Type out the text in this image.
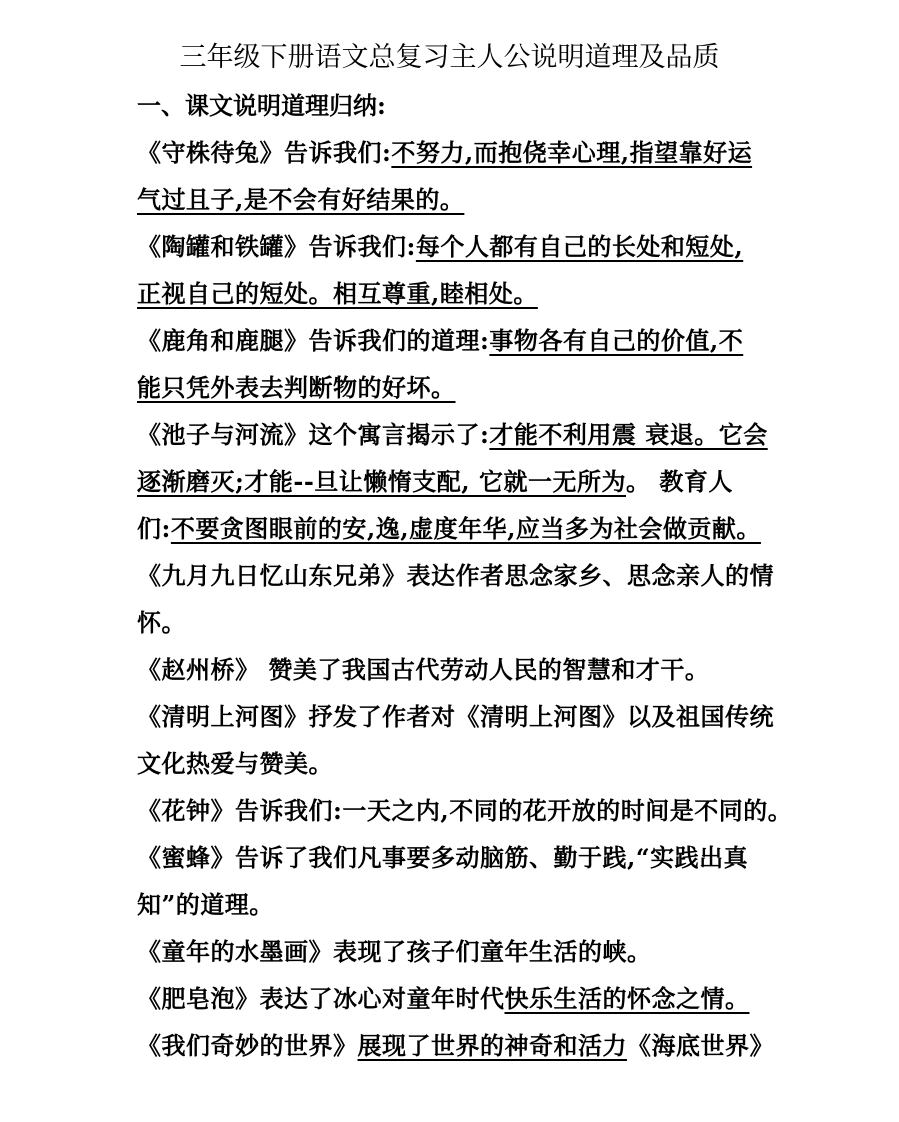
三年级下册语文总复习主人公说明道理及品质
一、课文说明道理归纳:
《守株待兔》告诉我们:不努力,而抱侥幸心理,指望靠好运
气过且子,是不会有好结果的。
《陶罐和铁罐》告诉我们:每个人都有自己的长处和短处,
正视自己的短处。相互尊重,睦相处。
《鹿角和鹿腿》告诉我们的道理:事物各有自己的价值,不
能只凭外表去判断物的好坏。
《池子与河流》这个寓言揭示了:才能不利用震 衰退。它会
逐渐磨灭;才能--旦让懒惰支配, 它就一无所为。 教育人
们:不要贪图眼前的安,逸,虚度年华,应当多为社会做贡献。
《九月九日忆山东兄弟》表达作者思念家乡、思念亲人的情
怀。
《赵州桥》 赞美了我国古代劳动人民的智慧和才干。
《清明上河图》抒发了作者对《清明上河图》以及祖国传统
文化热爱与赞美。
《花钟》告诉我们:一天之内,不同的花开放的时间是不同的。
《蜜蜂》告诉了我们凡事要多动脑筋、勤于践,“实践出真
知”的道理。
《童年的水墨画》表现了孩子们童年生活的峡。
《肥皂泡》表达了冰心对童年时代快乐生活的怀念之情。
《我们奇妙的世界》展现了世界的神奇和活力《海底世界》
